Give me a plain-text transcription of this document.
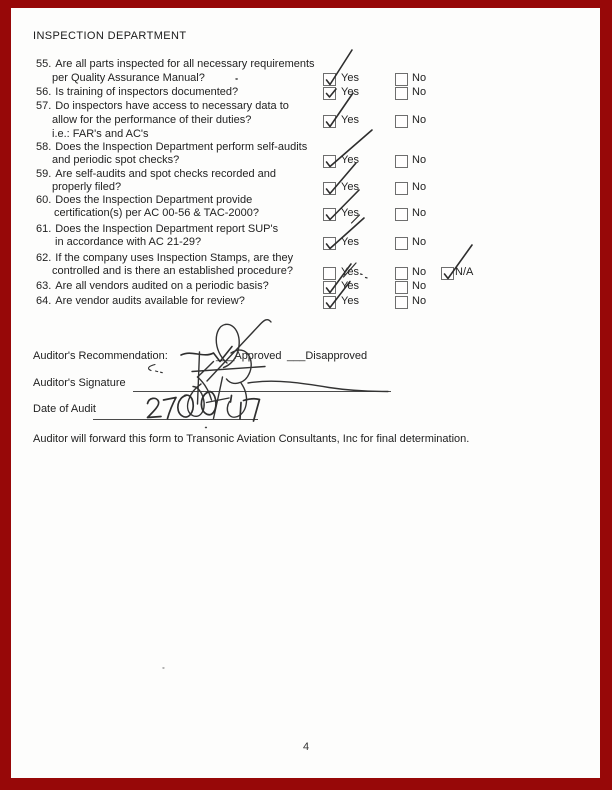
INSPECTION DEPARTMENT
55. Are all parts inspected for all necessary requirements
per Quality Assurance Manual?	Yes	No
56. Is training of inspectors documented?	Yes	No
57. Do inspectors have access to necessary data to
allow for the performance of their duties?
i.e.: FAR's and AC's
Yes	No
58. Does the Inspection Department perform self-audits
and periodic spot checks?	Yes	No
59. Are self-audits and spot checks recorded and
properly filed?	Yes	No
60. Does the Inspection Department provide
certification(s) per AC 00-56 & TAC-2000?	Yes	No
61. Does the Inspection Department report SUP's
in accordance with AC 21-29?	Yes	No
62. If the company uses Inspection Stamps, are they
controlled and is there an established procedure?	Yes	No	N/A
63. Are all vendors audited on a periodic basis?	Yes	No
64. Are vendor audits available for review?	Yes	No
Auditor's Recommendation:	___Approved ___Disapproved
Auditor's Signature
Date of Audit
Auditor will forward this form to Transonic Aviation Consultants, Inc for final determination.
4
